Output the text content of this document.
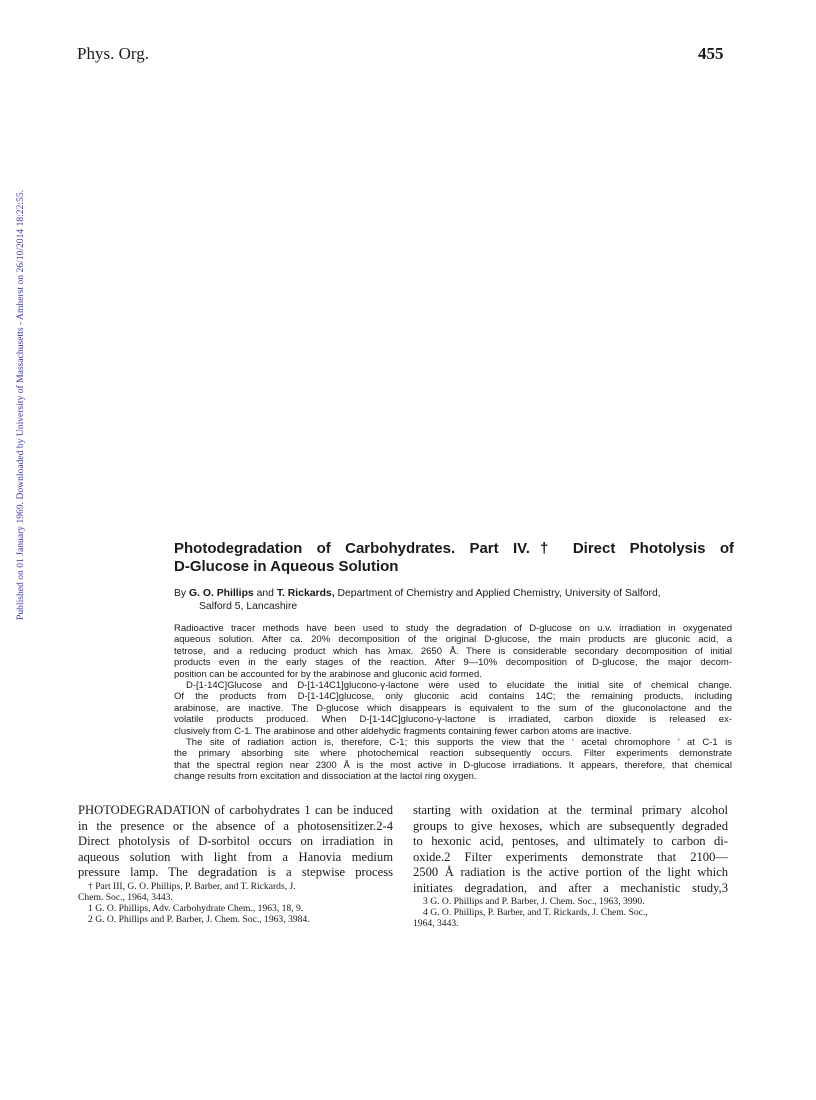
Phys. Org.	455
Published on 01 January 1969. Downloaded by University of Massachusetts - Amherst on 26/10/2014 18:22:55.	Photodegradation of Carbohydrates. Part IV.† Direct Photolysis of
D-Glucose in Aqueous Solution
By G. O. Phillips and T. Rickards, Department of Chemistry and Applied Chemistry, University of Salford,
Salford 5, Lancashire
Radioactive tracer methods have been used to study the degradation of D-glucose on u.v. irradiation in oxygenated
aqueous solution. After ca. 20% decomposition of the original D-glucose, the main products are gluconic acid, a
tetrose, and a reducing product which has λmax. 2650 Å. There is considerable secondary decomposition of initial
products even in the early stages of the reaction. After 9—10% decomposition of D-glucose, the major decom-
position can be accounted for by the arabinose and gluconic acid formed.
D-[1-14C]Glucose and D-[1-14C1]glucono-γ-lactone were used to elucidate the initial site of chemical change.
Of the products from D-[1-14C]glucose, only gluconic acid contains 14C; the remaining products, including
arabinose, are inactive. The D-glucose which disappears is equivalent to the sum of the gluconolactone and the
volatile products produced. When D-[1-14C]glucono-γ-lactone is irradiated, carbon dioxide is released ex-
clusively from C-1. The arabinose and other aldehydic fragments containing fewer carbon atoms are inactive.
The site of radiation action is, therefore, C-1; this supports the view that the ‘ acetal chromophore ’ at C-1 is
the primary absorbing site where photochemical reaction subsequently occurs. Filter experiments demonstrate
that the spectral region near 2300 Å is the most active in D-glucose irradiations. It appears, therefore, that chemical
change results from excitation and dissociation at the lactol ring oxygen.
PHOTODEGRADATION of carbohydrates 1 can be induced
in the presence or the absence of a photosensitizer.2-4
Direct photolysis of D-sorbitol occurs on irradiation in
aqueous solution with light from a Hanovia medium
pressure lamp. The degradation is a stepwise process
starting with oxidation at the terminal primary alcohol
groups to give hexoses, which are subsequently degraded
to hexonic acid, pentoses, and ultimately to carbon di-
oxide.2 Filter experiments demonstrate that 2100—
2500 Å radiation is the active portion of the light which
initiates degradation, and after a mechanistic study,3
† Part III, G. O. Phillips, P. Barber, and T. Rickards, J.
Chem. Soc., 1964, 3443.
1 G. O. Phillips, Adv. Carbohydrate Chem., 1963, 18, 9.
2 G. O. Phillips and P. Barber, J. Chem. Soc., 1963, 3984.
3 G. O. Phillips and P. Barber, J. Chem. Soc., 1963, 3990.
4 G. O. Phillips, P. Barber, and T. Rickards, J. Chem. Soc.,
1964, 3443.
